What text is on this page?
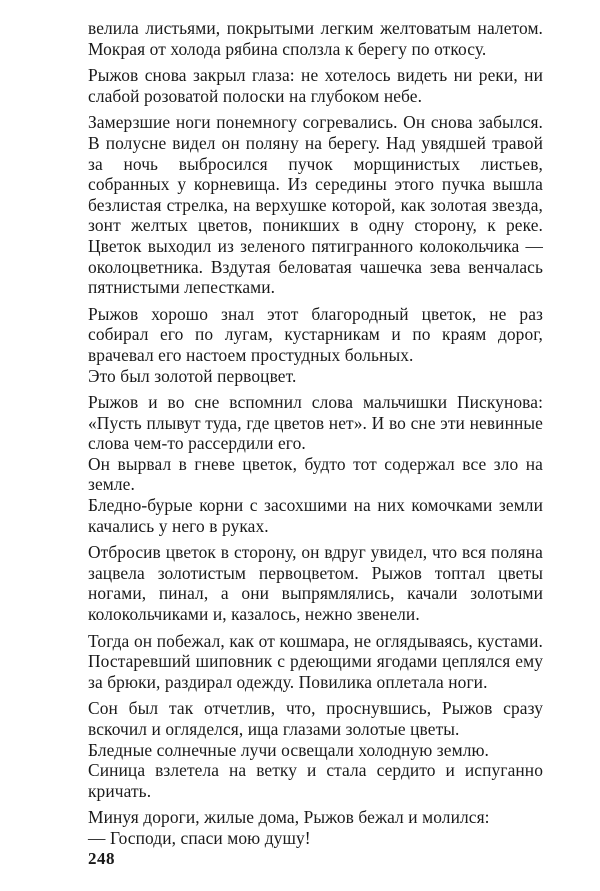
велила листьями, покрытыми легким желтоватым налетом. Мокрая от холода рябина сползла к берегу по откосу.

Рыжов снова закрыл глаза: не хотелось видеть ни реки, ни слабой розоватой полоски на глубоком небе.

Замерзшие ноги понемногу согревались. Он снова забылся. В полусне видел он поляну на берегу. Над увядшей травой за ночь выбросился пучок морщинистых листьев, собранных у корневища. Из середины этого пучка вышла безлистая стрелка, на верхушке которой, как золотая звезда, зонт желтых цветов, поникших в одну сторону, к реке. Цветок выходил из зеленого пятигранного колокольчика — околоцветника. Вздутая беловатая чашечка зева венчалась пятнистыми лепестками.

Рыжов хорошо знал этот благородный цветок, не раз собирал его по лугам, кустарникам и по краям дорог, врачевал его настоем простудных больных.

Это был золотой первоцвет.

Рыжов и во сне вспомнил слова мальчишки Пискунова: «Пусть плывут туда, где цветов нет». И во сне эти невинные слова чем-то рассердили его.

Он вырвал в гневе цветок, будто тот содержал все зло на земле.

Бледно-бурые корни с засохшими на них комочками земли качались у него в руках.

Отбросив цветок в сторону, он вдруг увидел, что вся поляна зацвела золотистым первоцветом. Рыжов топтал цветы ногами, пинал, а они выпрямлялись, качали золотыми колокольчиками и, казалось, нежно звенели.

Тогда он побежал, как от кошмара, не оглядываясь, кустами. Постаревший шиповник с рдеющими ягодами цеплялся ему за брюки, раздирал одежду. Повилика оплетала ноги.

Сон был так отчетлив, что, проснувшись, Рыжов сразу вскочил и огляделся, ища глазами золотые цветы.

Бледные солнечные лучи освещали холодную землю.

Синица взлетела на ветку и стала сердито и испуганно кричать.

Минуя дороги, жилые дома, Рыжов бежал и молился:

— Господи, спаси мою душу!

248
